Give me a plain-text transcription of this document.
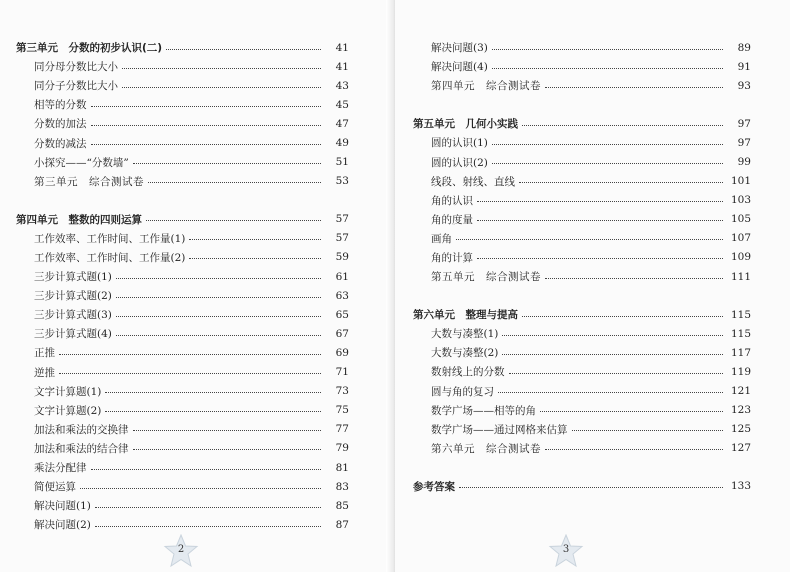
第三单元　分数的初步认识(二)	41
同分母分数比大小	41
同分子分数比大小	43
相等的分数	45
分数的加法	47
分数的减法	49
小探究——“分数墙”	51
第三单元　综合测试卷	53
第四单元　整数的四则运算	57
工作效率、工作时间、工作量(1)	57
工作效率、工作时间、工作量(2)	59
三步计算式题(1)	61
三步计算式题(2)	63
三步计算式题(3)	65
三步计算式题(4)	67
正推	69
逆推	71
文字计算题(1)	73
文字计算题(2)	75
加法和乘法的交换律	77
加法和乘法的结合律	79
乘法分配律	81
简便运算	83
解决问题(1)	85
解决问题(2)	87
2
解决问题(3)	89
解决问题(4)	91
第四单元　综合测试卷	93
第五单元　几何小实践	97
圆的认识(1)	97
圆的认识(2)	99
线段、射线、直线	101
角的认识	103
角的度量	105
画角	107
角的计算	109
第五单元　综合测试卷	111
第六单元　整理与提高	115
大数与凑整(1)	115
大数与凑整(2)	117
数射线上的分数	119
圆与角的复习	121
数学广场——相等的角	123
数学广场——通过网格来估算	125
第六单元　综合测试卷	127
参考答案	133
3
